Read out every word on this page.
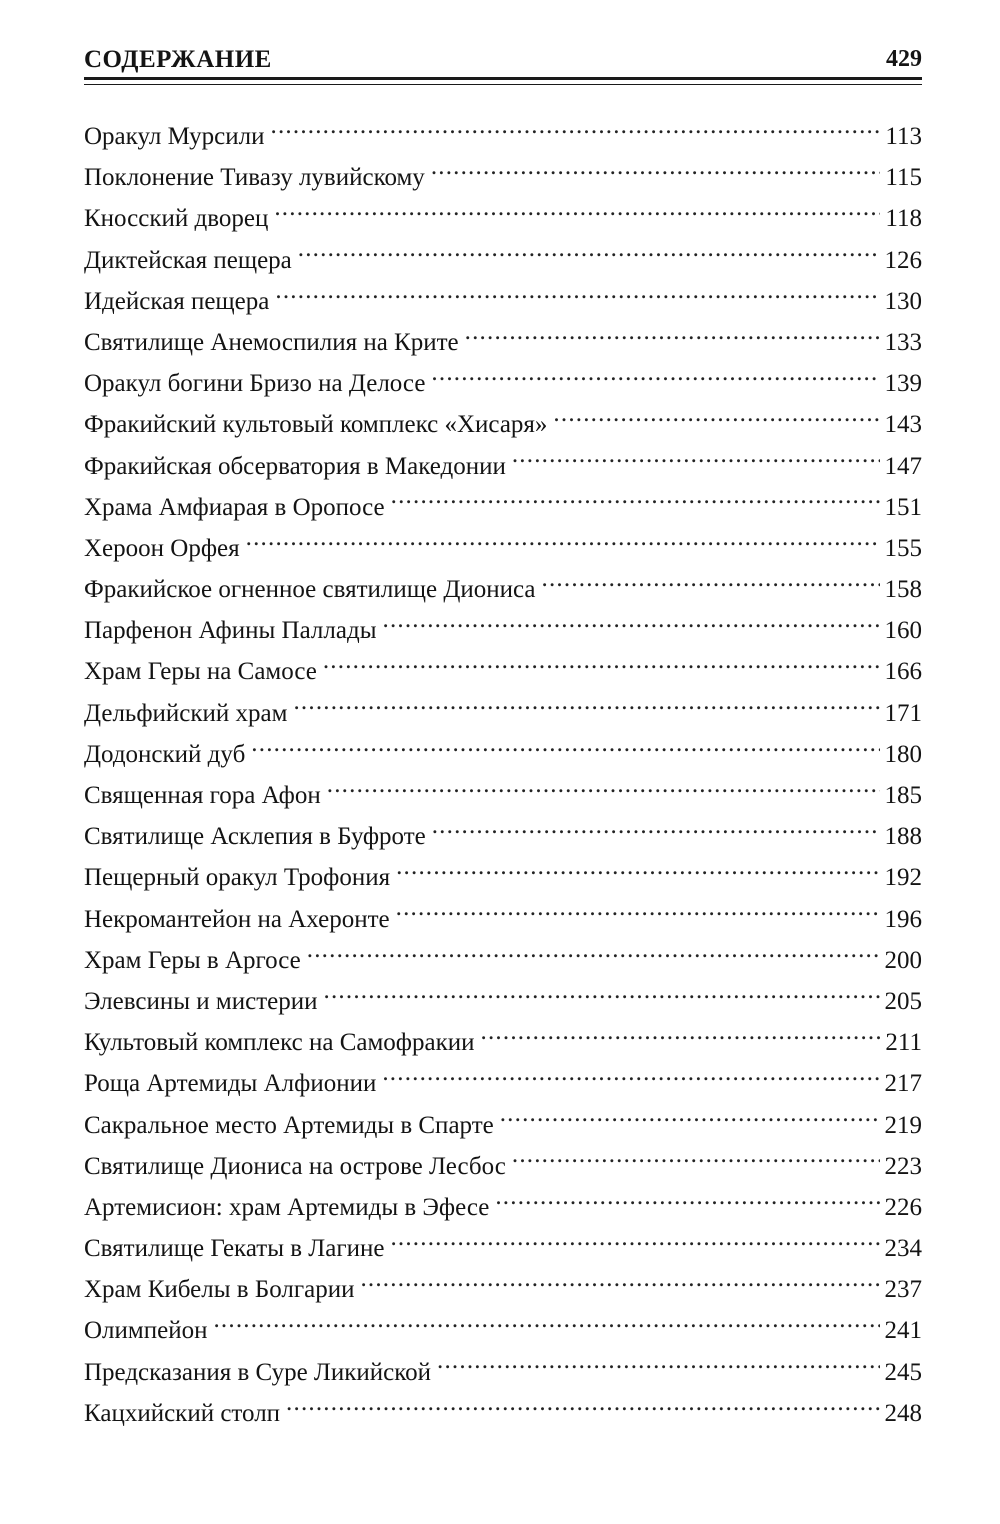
СОДЕРЖАНИЕ	429
Оракул Мурсили .....	113
Поклонение Тивазу лувийскому .....	115
Кносский дворец .....	118
Диктейская пещера .....	126
Идейская пещера .....	130
Святилище Анемоспилия на Крите .....	133
Оракул богини Бризо на Делосе .....	139
Фракийский культовый комплекс «Хисаря» .....	143
Фракийская обсерватория в Македонии .....	147
Храма Амфиарая в Оропосе .....	151
Хероон Орфея .....	155
Фракийское огненное святилище Диониса .....	158
Парфенон Афины Паллады .....	160
Храм Геры на Самосе .....	166
Дельфийский храм .....	171
Додонский дуб .....	180
Священная гора Афон .....	185
Святилище Асклепия в Буфроте .....	188
Пещерный оракул Трофония .....	192
Некромантейон на Ахеронте .....	196
Храм Геры в Аргосе .....	200
Элевсины и мистерии .....	205
Культовый комплекс на Самофракии .....	211
Роща Артемиды Алфионии .....	217
Сакральное место Артемиды в Спарте .....	219
Святилище Диониса на острове Лесбос .....	223
Артемисион: храм Артемиды в Эфесе .....	226
Святилище Гекаты в Лагине .....	234
Храм Кибелы в Болгарии .....	237
Олимпейон .....	241
Предсказания в Суре Ликийской .....	245
Кацхийский столп .....	248
